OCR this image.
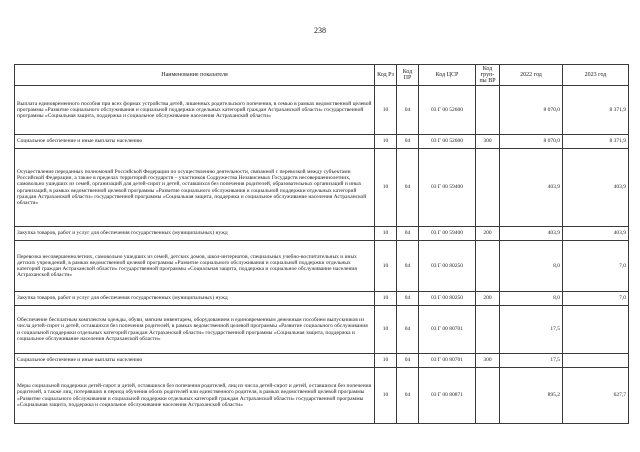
238
Наименование показателя	Код Рз	Код ПР	Код ЦСР	Код груп- пы ВР	2022 год	2023 год
Выплата единовременного пособия при всех формах устройства детей, лишенных родительского попечения, в семью в рамках ведомственной целевой программы «Развитие социального обслуживания и социальной поддержки отдельных категорий граждан Астраханской области» государственной программы «Социальная защита, поддержка и социальное обслуживание населения Астраханской области»	10	04	03 Г 00 52600		8 070,0	8 371,9
Социальное обеспечение и иные выплаты населению	10	04	03 Г 00 52600	300	8 070,0	8 371,9
Осуществление переданных полномочий Российской Федерации по осуществлению деятельности, связанной с перевозкой между субъектами Российской Федерации, а также в пределах территорий государств – участников Содружества Независимых Государств несовершеннолетних, самовольно ушедших из семей, организаций для детей-сирот и детей, оставшихся без попечения родителей, образовательных организаций и иных организаций, в рамках ведомственной целевой программы «Развитие социального обслуживания и социальной поддержки отдельных категорий граждан Астраханской области» государственной программы «Социальная защита, поддержка и социальное обслуживание населения Астраханской области»	10	04	03 Г 00 59400		403,9	403,9
Закупка товаров, работ и услуг для обеспечения государственных (муниципальных) нужд	10	04	03 Г 00 59400	200	403,9	403,9
Перевозка несовершеннолетних, самовольно ушедших из семей, детских домов, школ-интернатов, специальных учебно-воспитательных и иных детских учреждений, в рамках ведомственной целевой программы «Развитие социального обслуживания и социальной поддержки отдельных категорий граждан Астраханской области» государственной программы «Социальная защита, поддержка и социальное обслуживание населения Астраханской области»	10	04	03 Г 00 80250		8,0	7,0
Закупка товаров, работ и услуг для обеспечения государственных (муниципальных) нужд	10	04	03 Г 00 80250	200	8,0	7,0
Обеспечение бесплатным комплектом одежды, обуви, мягким инвентарем, оборудованием и единовременным денежным пособием выпускников из числа детей-сирот и детей, оставшихся без попечения родителей, в рамках ведомственной целевой программы «Развитие социального обслуживания и социальной поддержки отдельных категорий граждан Астраханской области» государственной программы «Социальная защита, поддержка и социальное обслуживание населения Астраханской области»	10	04	03 Г 00 80701		17,5	
Социальное обеспечение и иные выплаты населению	10	04	03 Г 00 80701	300	17,5	
Меры социальной поддержки детей-сирот и детей, оставшихся без попечения родителей, лиц из числа детей-сирот и детей, оставшихся без попечения родителей, а также лиц, потерявших в период обучения обоих родителей или единственного родителя, в рамках ведомственной целевой программы «Развитие социального обслуживания и социальной поддержки отдельных категорий граждан Астраханской области» государственной программы «Социальная защита, поддержка и социальное обслуживание населения Астраханской области»	10	04	03 Г 00 80871		895,2	627,7
